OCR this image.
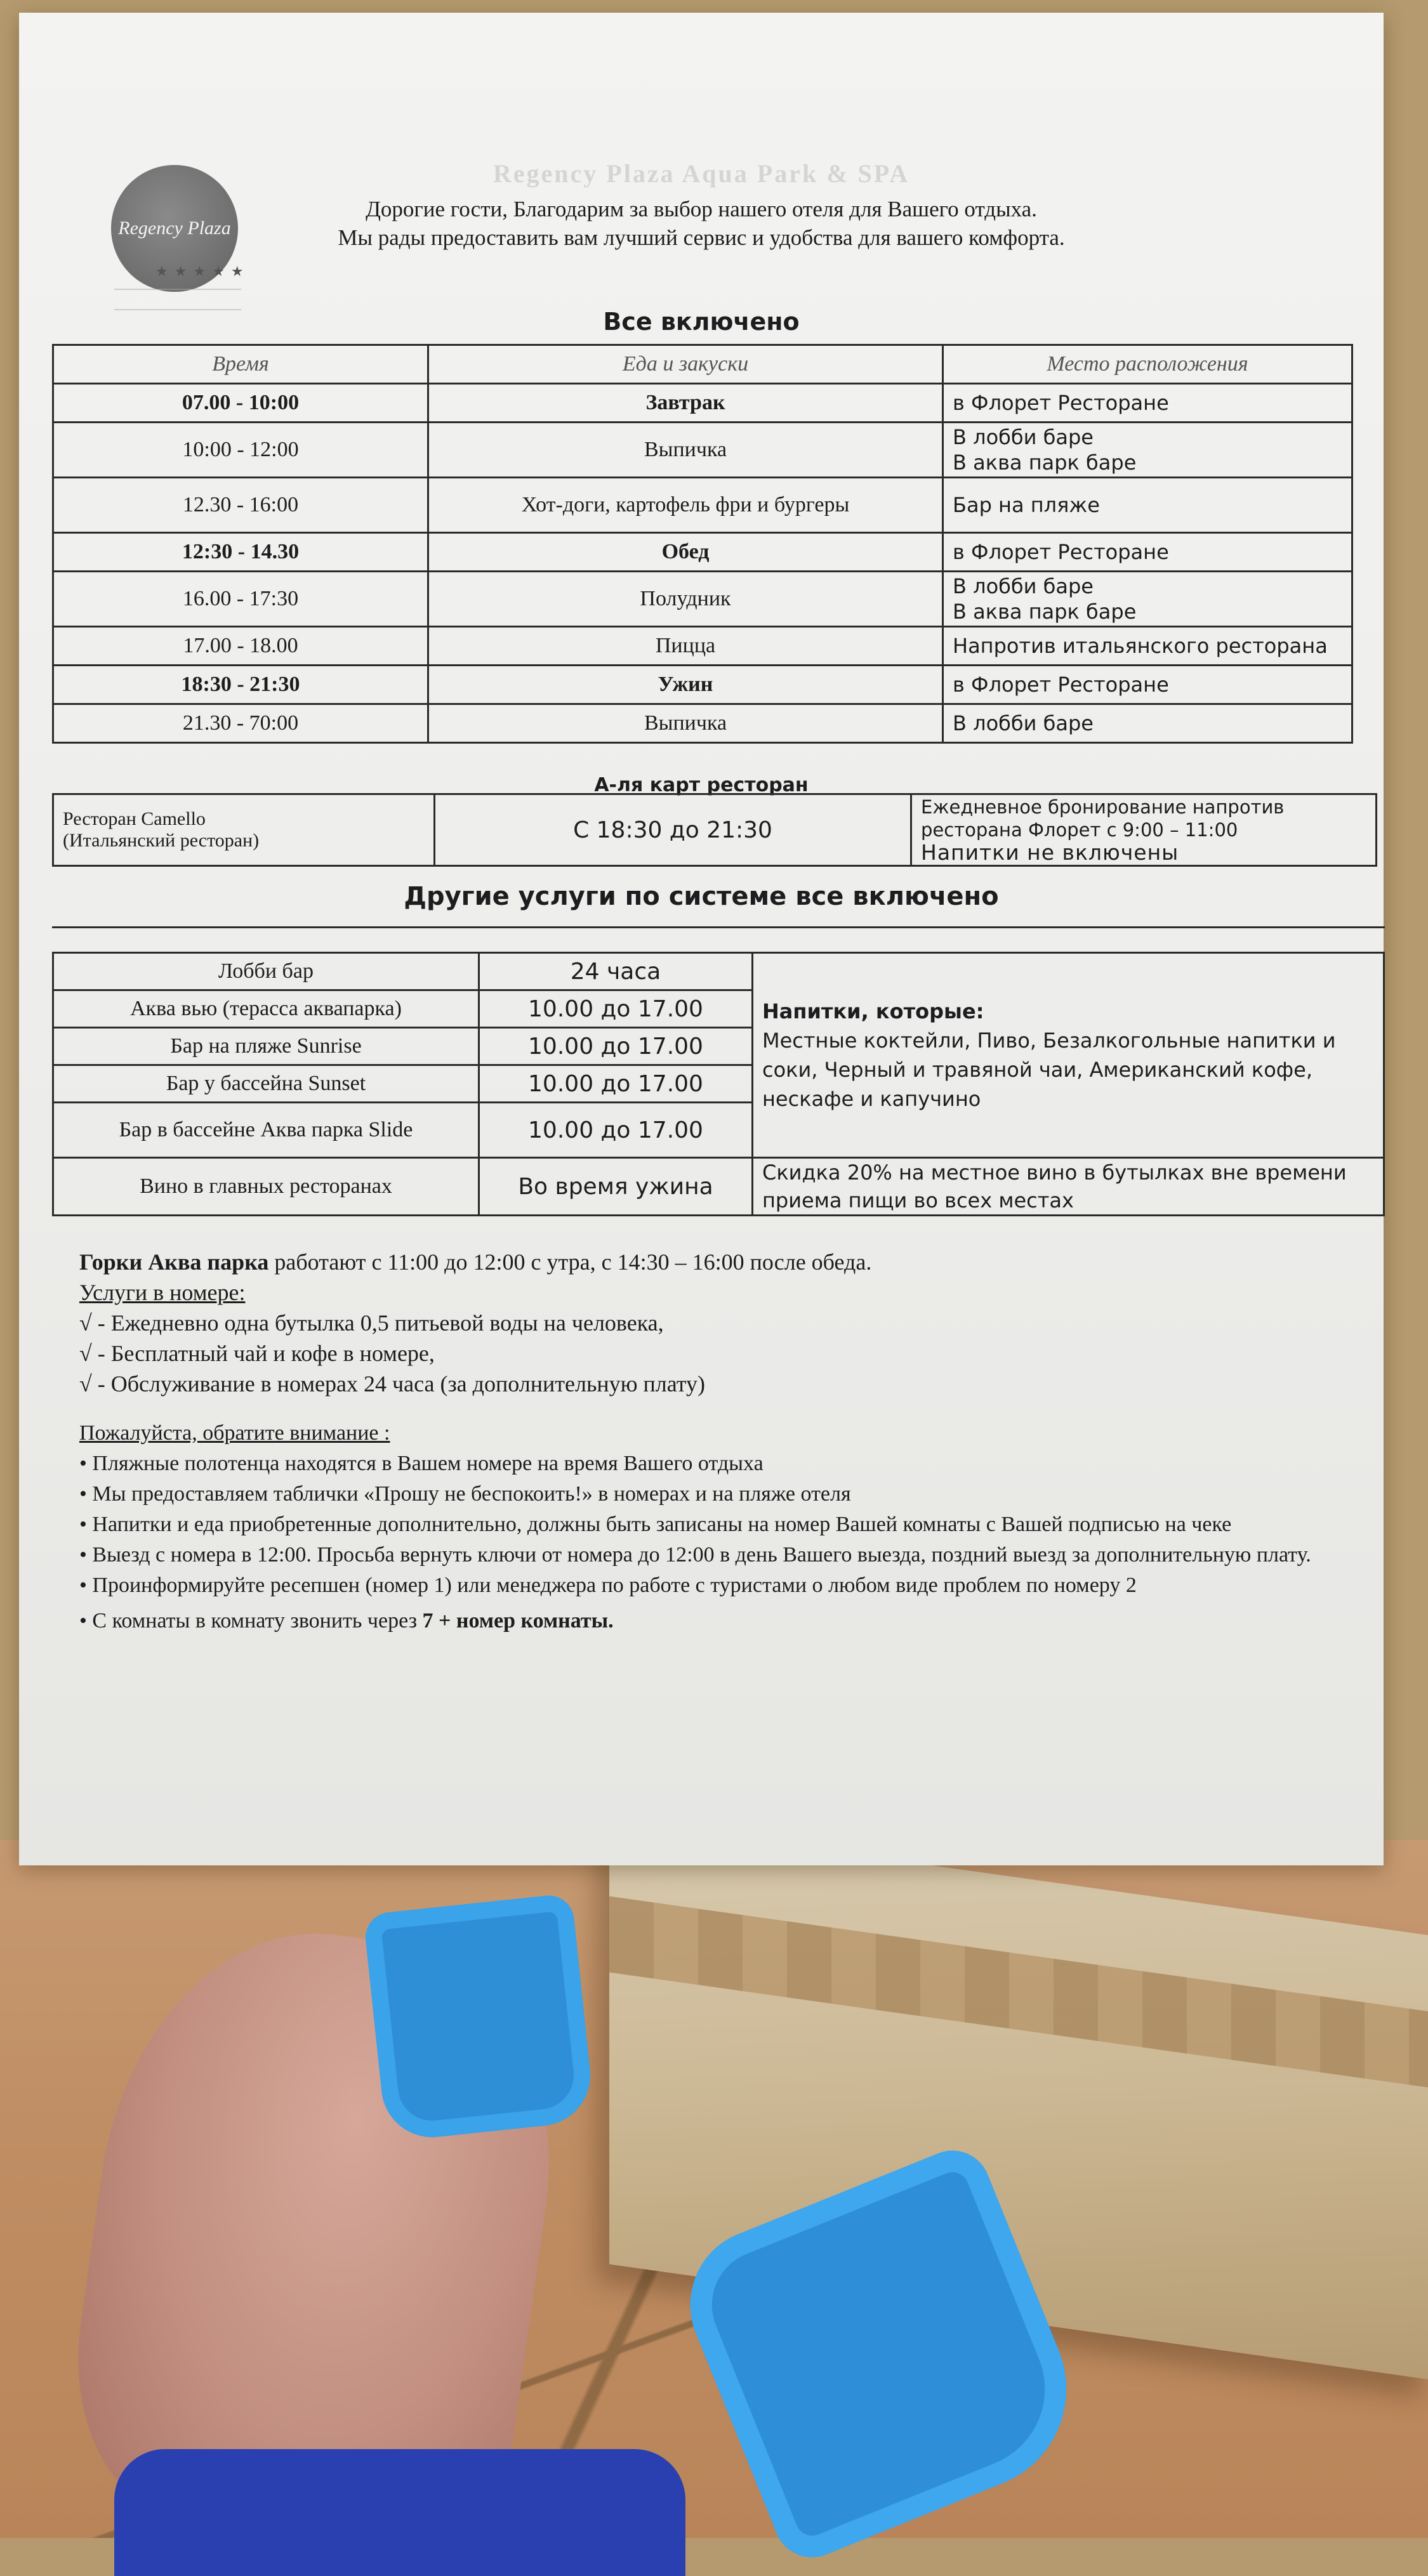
Regency Plaza
★★★★★
Regency Plaza Aqua Park & SPA
Дорогие гости, Благодарим за выбор нашего отеля для Вашего отдыха.
Мы рады предоставить вам лучший сервис и удобства для вашего комфорта.
Все включено
Время	Еда и закуски	Место расположения
07.00 - 10:00	Завтрак	в Флорет Ресторане
10:00 - 12:00	Выпичка	В лобби баре
В аква парк баре

12.30 - 16:00	Хот-доги, картофель фри и бургеры	Бар на пляже
12:30 - 14.30	Обед	в Флорет Ресторане
16.00 - 17:30	Полудник	В лобби баре
В аква парк баре

17.00 - 18.00	Пицца	Напротив итальянского ресторана
18:30 - 21:30	Ужин	в Флорет Ресторане
21.30 - 70:00	Выпичка	В лобби баре
А-ля карт ресторан
Ресторан Camello
(Итальянский ресторан)	С 18:30 до 21:30	
Ежедневное бронирование напротив
ресторана Флорет с 9:00 – 11:00
Напитки не включены
Другие услуги по системе все включено
Лобби бар	24 часа	Напитки, которые:
Местные коктейли, Пиво, Безалкогольные напитки и соки, Черный и травяной чаи, Американский кофе, нескафе и капучино

Аква вью (терасса аквапарка)	10.00 до 17.00	
Бар на пляже Sunrise	10.00 до 17.00	
Бар у бассейна Sunset	10.00 до 17.00	
Бар в бассейне Аква парка Slide	10.00 до 17.00	
Вино в главных ресторанах	Во время ужина	Скидка 20% на местное вино в бутылках вне времени приема пищи во всех местах

Горки Аква парка работают с 11:00 до 12:00 с утра, с 14:30 – 16:00 после обеда.

Услуги в номере:

√ - Ежедневно одна бутылка 0,5 питьевой воды на человека,

√ - Бесплатный чай и кофе в номере,

√ - Обслуживание в номерах 24 часа (за дополнительную плату)

Пожалуйста, обратите внимание :

• Пляжные полотенца находятся в Вашем номере на время Вашего отдыха

• Мы предоставляем таблички «Прошу не беспокоить!» в номерах и на пляже отеля

• Напитки и еда приобретенные дополнительно, должны быть записаны на номер Вашей комнаты с Вашей подписью на чеке

• Выезд с номера в 12:00. Просьба вернуть ключи от номера до 12:00 в день Вашего выезда, поздний выезд за дополнительную плату.

• Проинформируйте ресепшен (номер 1) или менеджера по работе с туристами о любом виде проблем по номеру 2

• С комнаты в комнату звонить через 7 + номер комнаты.
